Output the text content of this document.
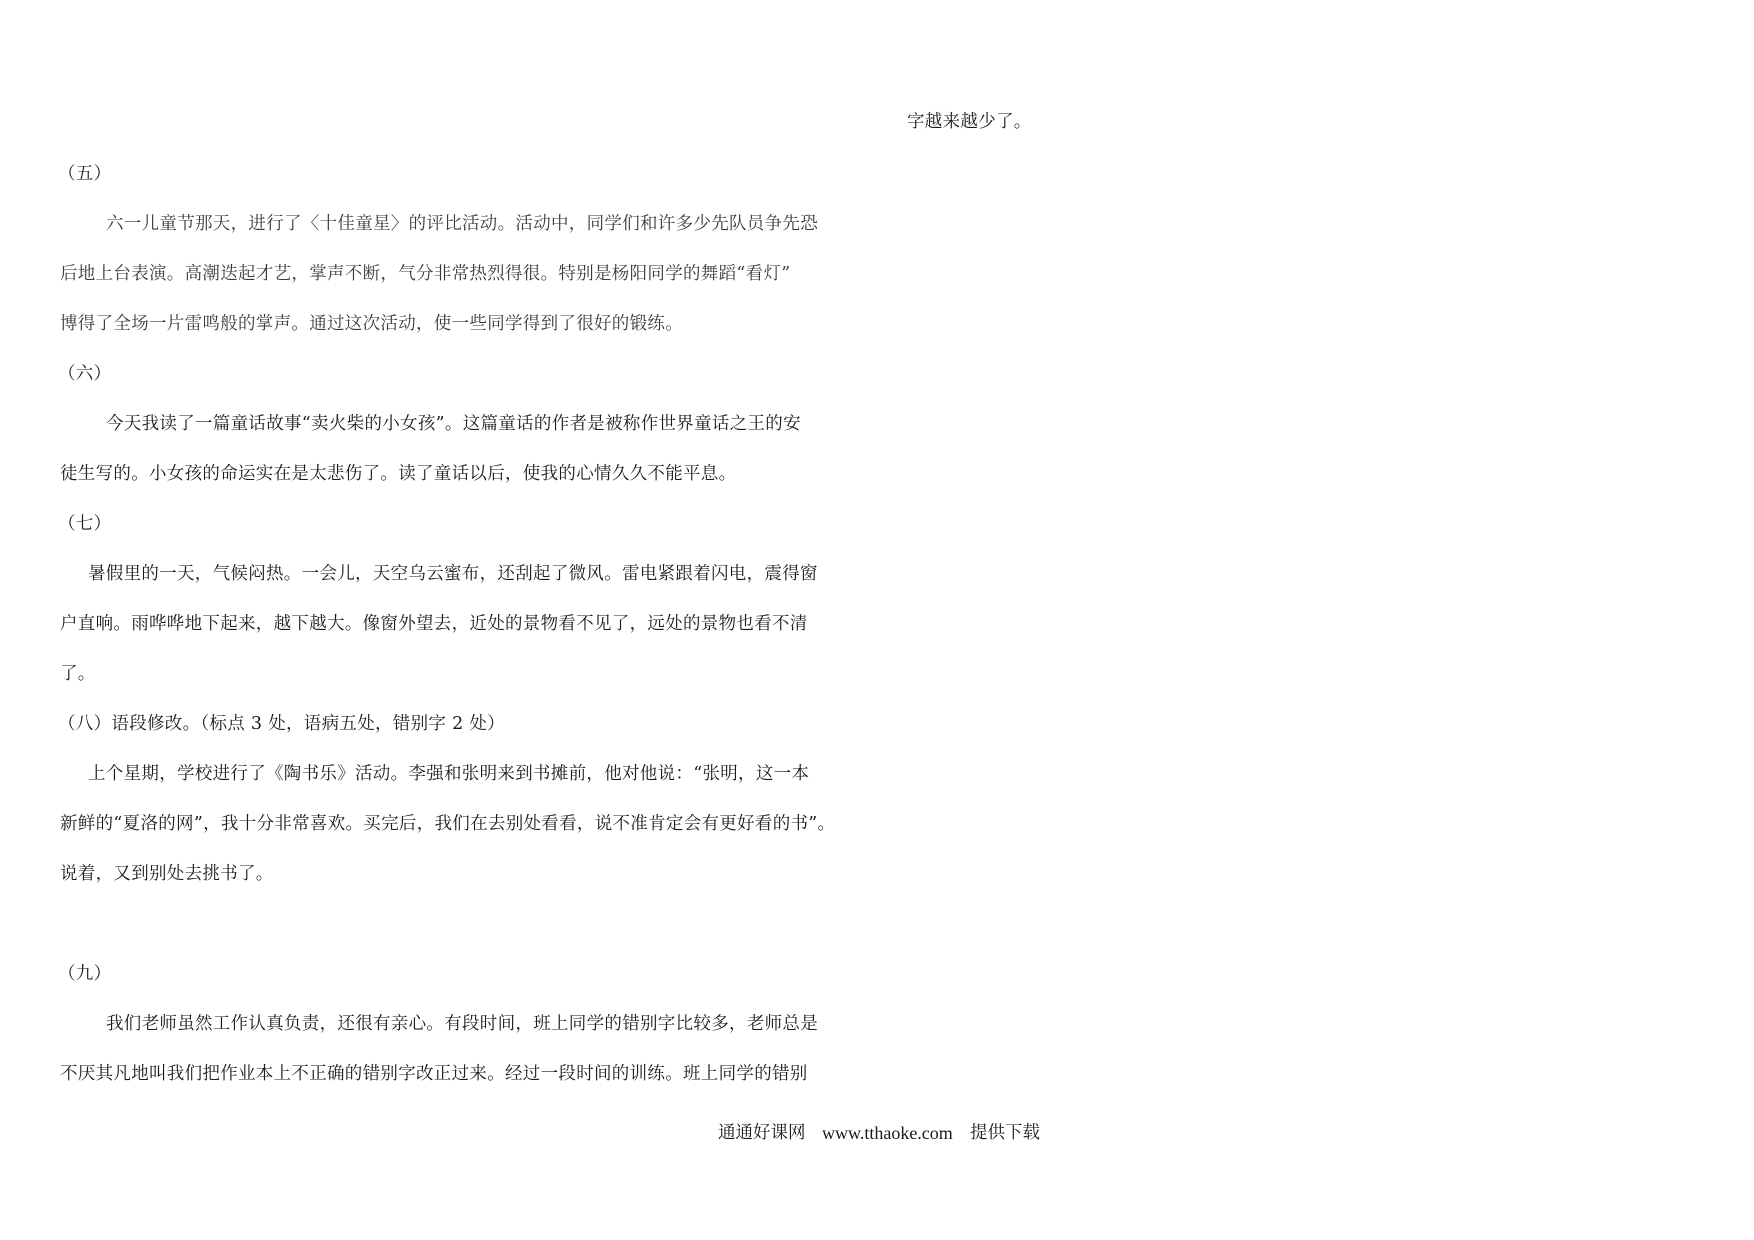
字越来越少了。
（五）
六一儿童节那天，进行了〈十佳童星〉的评比活动。活动中，同学们和许多少先队员争先恐
后地上台表演。高潮迭起才艺，掌声不断，气分非常热烈得很。特别是杨阳同学的舞蹈“看灯”
博得了全场一片雷鸣般的掌声。通过这次活动，使一些同学得到了很好的锻练。
（六）
今天我读了一篇童话故事“卖火柴的小女孩”。这篇童话的作者是被称作世界童话之王的安
徒生写的。小女孩的命运实在是太悲伤了。读了童话以后，使我的心情久久不能平息。
（七）
暑假里的一天，气候闷热。一会儿，天空乌云蜜布，还刮起了微风。雷电紧跟着闪电，震得窗
户直响。雨哗哗地下起来，越下越大。像窗外望去，近处的景物看不见了，远处的景物也看不清
了。
（八）语段修改。（标点 3 处，语病五处，错别字 2 处）
上个星期，学校进行了《陶书乐》活动。李强和张明来到书摊前，他对他说：“张明，这一本
新鲜的“夏洛的网”，我十分非常喜欢。买完后，我们在去别处看看，说不准肯定会有更好看的书”。
说着，又到别处去挑书了。
（九）
我们老师虽然工作认真负责，还很有亲心。有段时间，班上同学的错别字比较多，老师总是
不厌其凡地叫我们把作业本上不正确的错别字改正过来。经过一段时间的训练。班上同学的错别
通通好课网 www.tthaoke.com 提供下载
